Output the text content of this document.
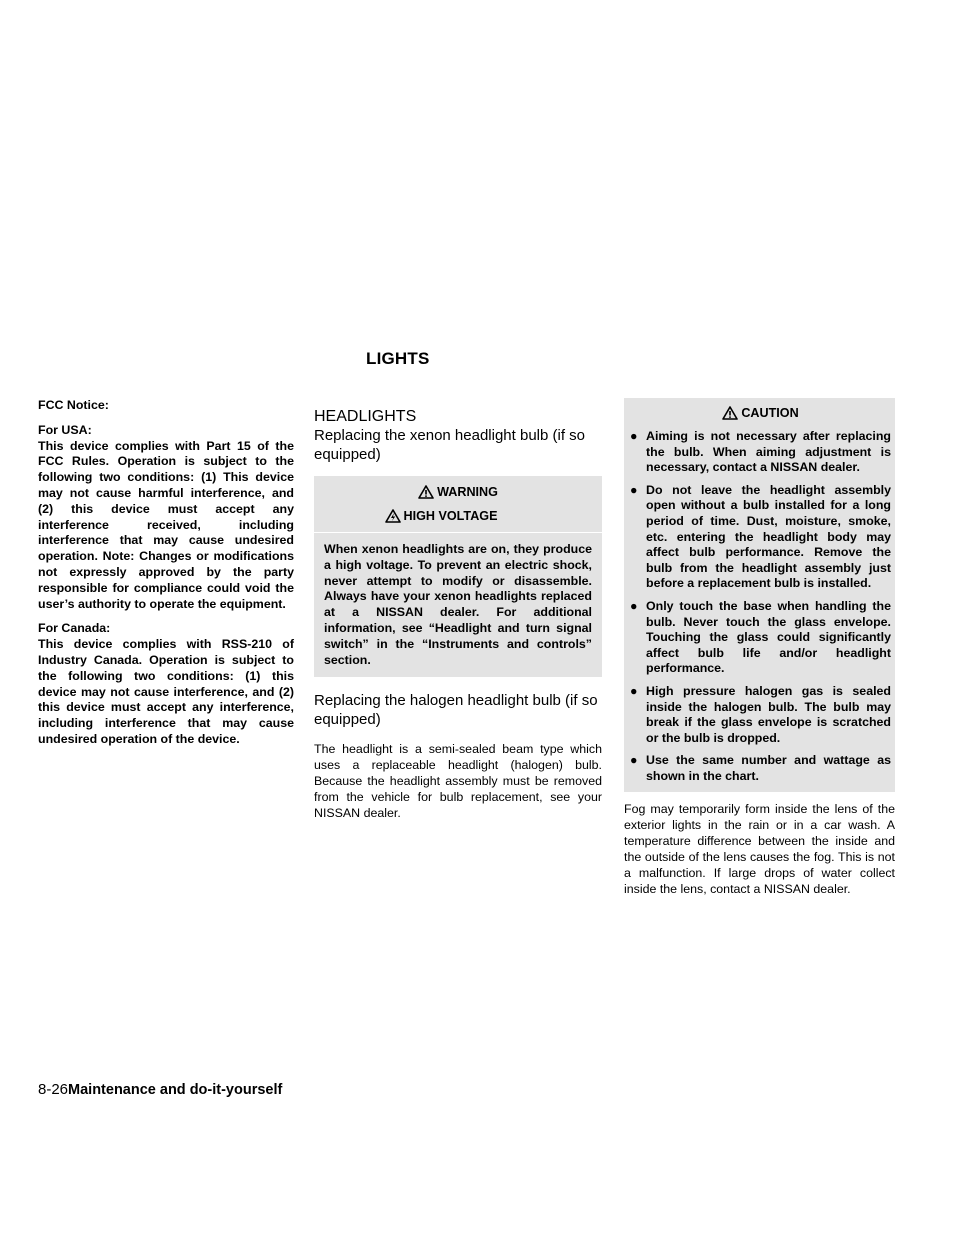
LIGHTS

FCC Notice:

For USA:
This device complies with Part 15 of the FCC Rules. Operation is subject to the following two conditions: (1) This device may not cause harmful interference, and (2) this device must accept any interference received, including interference that may cause undesired operation. Note: Changes or modifications not expressly approved by the party responsible for compliance could void the user’s authority to operate the equipment.

For Canada:
This device complies with RSS-210 of Industry Canada. Operation is subject to the following two conditions: (1) this device may not cause interference, and (2) this device must accept any interference, including interference that may cause undesired operation of the device.

HEADLIGHTS
Replacing the xenon headlight bulb (if so equipped)
WARNING
HIGH VOLTAGE

When xenon headlights are on, they produce a high voltage. To prevent an electric shock, never attempt to modify or disassemble. Always have your xenon headlights replaced at a NISSAN dealer. For additional information, see “Headlight and turn signal switch” in the “Instruments and controls” section.

Replacing the halogen headlight bulb (if so equipped)

The headlight is a semi-sealed beam type which uses a replaceable headlight (halogen) bulb. Because the headlight assembly must be removed from the vehicle for bulb replacement, see your NISSAN dealer.

CAUTION
● Aiming is not necessary after replacing the bulb. When aiming adjustment is necessary, contact a NISSAN dealer.
● Do not leave the headlight assembly open without a bulb installed for a long period of time. Dust, moisture, smoke, etc. entering the headlight body may affect bulb performance. Remove the bulb from the headlight assembly just before a replacement bulb is installed.
● Only touch the base when handling the bulb. Never touch the glass envelope. Touching the glass could significantly affect bulb life and/or headlight performance.
● High pressure halogen gas is sealed inside the halogen bulb. The bulb may break if the glass envelope is scratched or the bulb is dropped.
● Use the same number and wattage as shown in the chart.

Fog may temporarily form inside the lens of the exterior lights in the rain or in a car wash. A temperature difference between the inside and the outside of the lens causes the fog. This is not a malfunction. If large drops of water collect inside the lens, contact a NISSAN dealer.

8-26Maintenance and do-it-yourself
